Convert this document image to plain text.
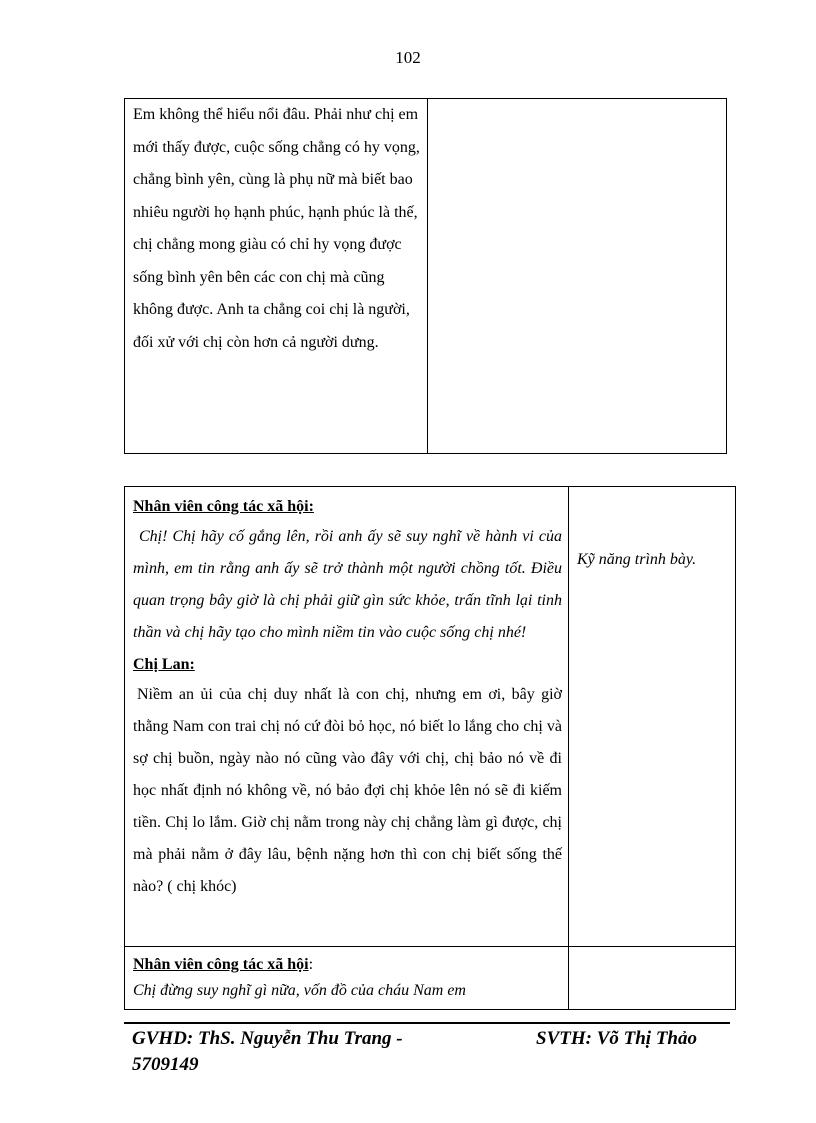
102

Em không thể hiểu nổi đâu. Phải như chị em mới thấy được, cuộc sống chẳng có hy vọng, chẳng bình yên, cùng là phụ nữ mà biết bao nhiêu người họ hạnh phúc, hạnh phúc là thế, chị chẳng mong giàu có chỉ hy vọng được sống bình yên bên các con chị mà cũng không được. Anh ta chẳng coi chị là người, đối xử với chị còn hơn cả người dưng.

Nhân viên công tác xã hội:

Chị! Chị hãy cố gắng lên, rồi anh ấy sẽ suy nghĩ về hành vi của mình, em tin rằng anh ấy sẽ trở thành một người chồng tốt. Điều quan trọng bây giờ là chị phải giữ gìn sức khỏe, trấn tĩnh lại tinh thần và chị hãy tạo cho mình niềm tin vào cuộc sống chị nhé!

Chị Lan:

Niềm an ủi của chị duy nhất là con chị, nhưng em ơi, bây giờ thằng Nam con trai chị nó cứ đòi bỏ học, nó biết lo lắng cho chị và sợ chị buồn, ngày nào nó cũng vào đây với chị, chị bảo nó về đi học nhất định nó không về, nó bảo đợi chị khỏe lên nó sẽ đi kiếm tiền. Chị lo lắm. Giờ chị nằm trong này chị chẳng làm gì được, chị mà phải nằm ở đây lâu, bệnh nặng hơn thì con chị biết sống thế nào? ( chị khóc)	Kỹ năng trình bày.

Nhân viên công tác xã hội:

Chị đừng suy nghĩ gì nữa, vốn đồ của cháu Nam em	

GVHD: ThS. Nguyễn Thu Trang - 5709149
SVTH: Võ Thị Thảo
